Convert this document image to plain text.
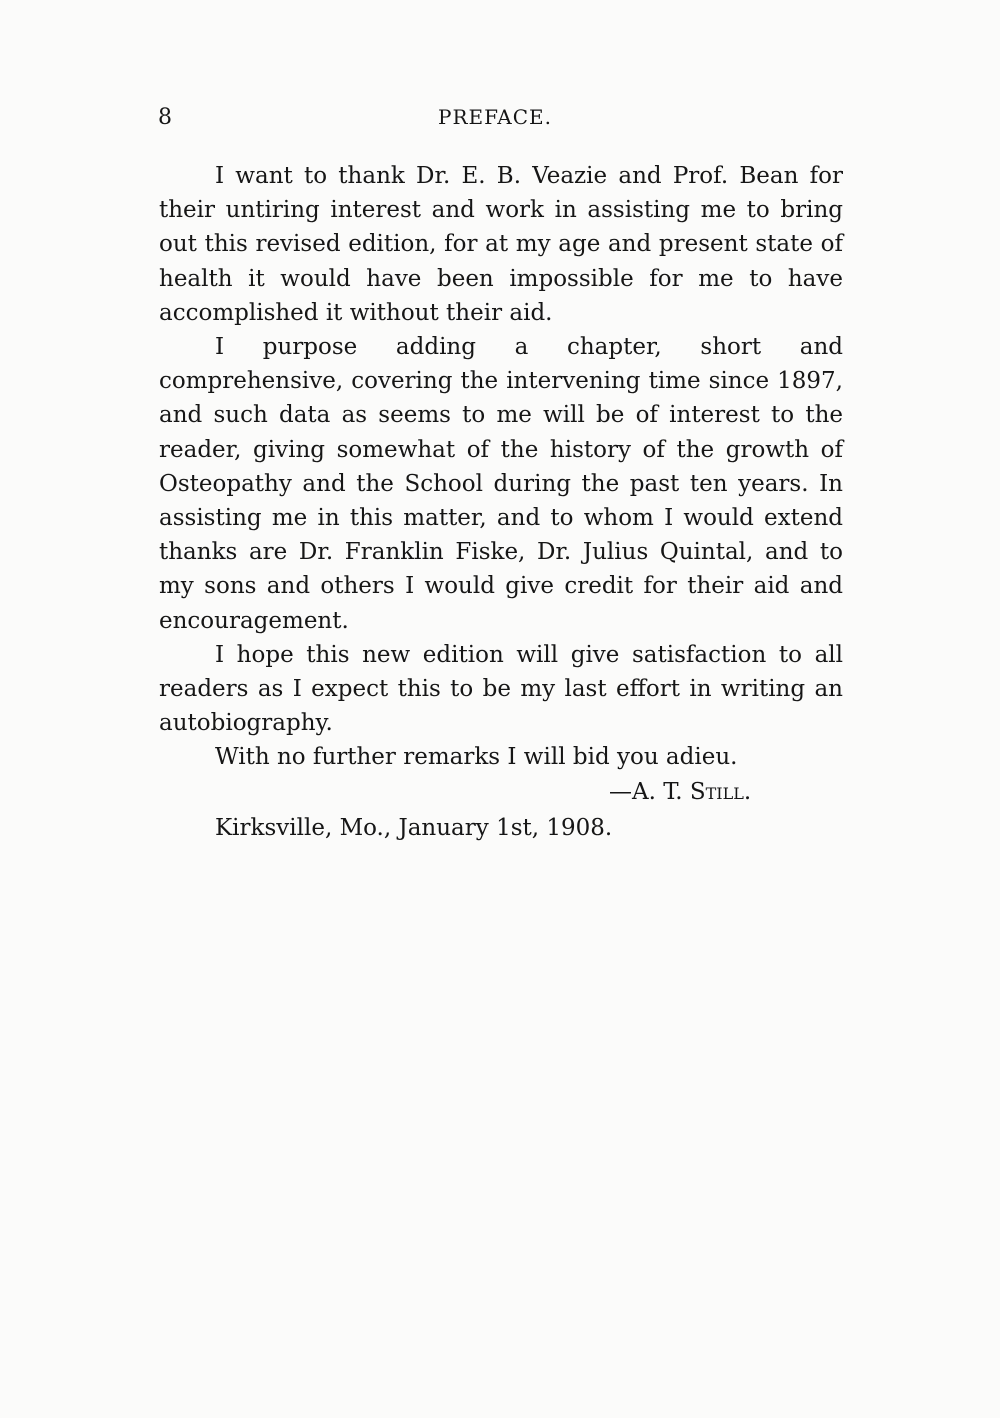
8	PREFACE.

I want to thank Dr. E. B. Veazie and Prof. Bean for their untiring interest and work in assisting me to bring out this revised edition, for at my age and present state of health it would have been impossible for me to have accomplished it without their aid.

I purpose adding a chapter, short and comprehensive, covering the intervening time since 1897, and such data as seems to me will be of interest to the reader, giving somewhat of the history of the growth of Osteopathy and the School during the past ten years. In assisting me in this matter, and to whom I would extend thanks are Dr. Franklin Fiske, Dr. Julius Quintal, and to my sons and others I would give credit for their aid and encouragement.

I hope this new edition will give satisfaction to all readers as I expect this to be my last effort in writing an autobiography.

With no further remarks I will bid you adieu.
—A. T. Still.
Kirksville, Mo., January 1st, 1908.
